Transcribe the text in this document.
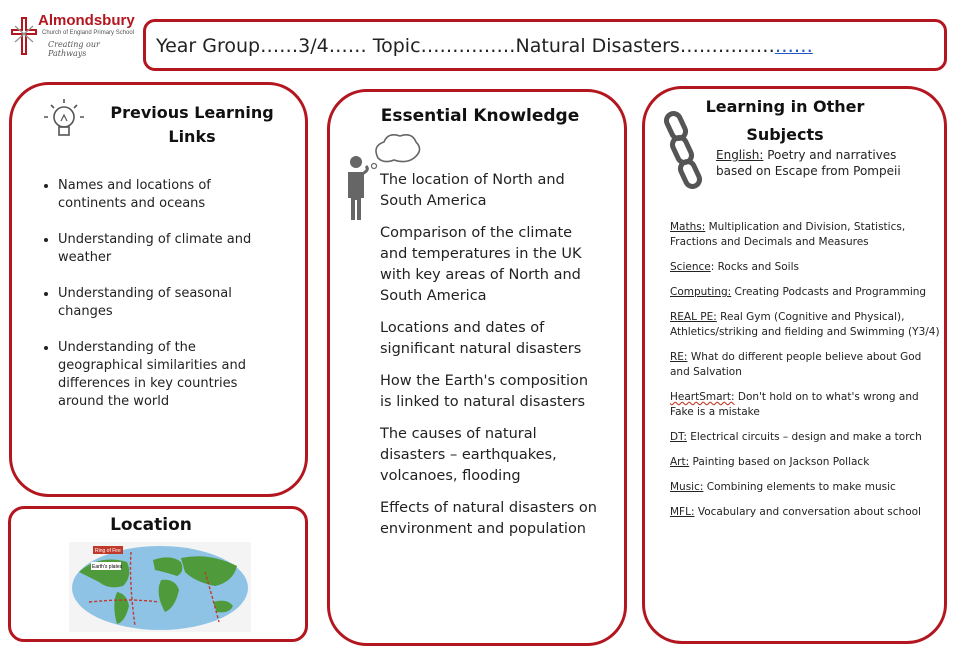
Almondsbury
Church of England Primary School
Creating our Pathways	Year Group……3/4…… Topic……………Natural Disasters…………………
Previous Learning Links
• Names and locations of continents and oceans
• Understanding of climate and weather
• Understanding of seasonal changes
• Understanding of the geographical similarities and differences in key countries around the world
Location
Ring of Fire
Earth's plates
Essential Knowledge
The location of North and South America
Comparison of the climate and temperatures in the UK with key areas of North and South America
Locations and dates of significant natural disasters
How the Earth's composition is linked to natural disasters
The causes of natural disasters – earthquakes, volcanoes, flooding
Effects of natural disasters on environment and population
Learning in Other Subjects
English: Poetry and narratives based on Escape from Pompeii
Maths: Multiplication and Division, Statistics, Fractions and Decimals and Measures
Science: Rocks and Soils
Computing: Creating Podcasts and Programming
REAL PE: Real Gym (Cognitive and Physical), Athletics/striking and fielding and Swimming (Y3/4)
RE: What do different people believe about God and Salvation
HeartSmart: Don't hold on to what's wrong and Fake is a mistake
DT: Electrical circuits – design and make a torch
Art: Painting based on Jackson Pollack
Music: Combining elements to make music
MFL: Vocabulary and conversation about school
